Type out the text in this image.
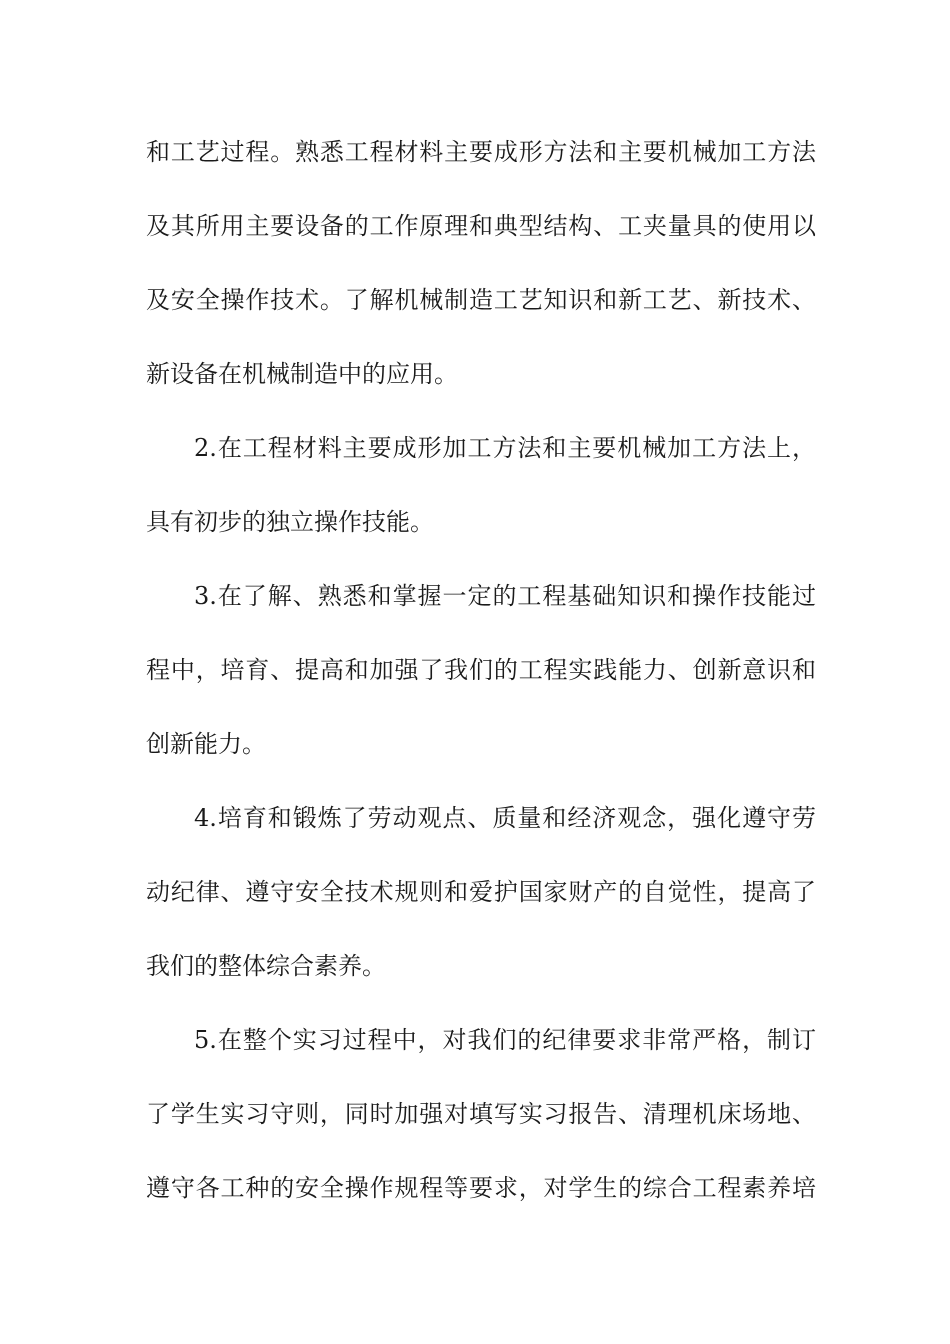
和工艺过程。熟悉工程材料主要成形方法和主要机械加工方法
及其所用主要设备的工作原理和典型结构、工夹量具的使用以
及安全操作技术。了解机械制造工艺知识和新工艺、新技术、
新设备在机械制造中的应用。
2.在工程材料主要成形加工方法和主要机械加工方法上，
具有初步的独立操作技能。
3.在了解、熟悉和掌握一定的工程基础知识和操作技能过
程中，培育、提高和加强了我们的工程实践能力、创新意识和
创新能力。
4.培育和锻炼了劳动观点、质量和经济观念，强化遵守劳
动纪律、遵守安全技术规则和爱护国家财产的自觉性，提高了
我们的整体综合素养。
5.在整个实习过程中，对我们的纪律要求非常严格，制订
了学生实习守则，同时加强对填写实习报告、清理机床场地、
遵守各工种的安全操作规程等要求，对学生的综合工程素养培
